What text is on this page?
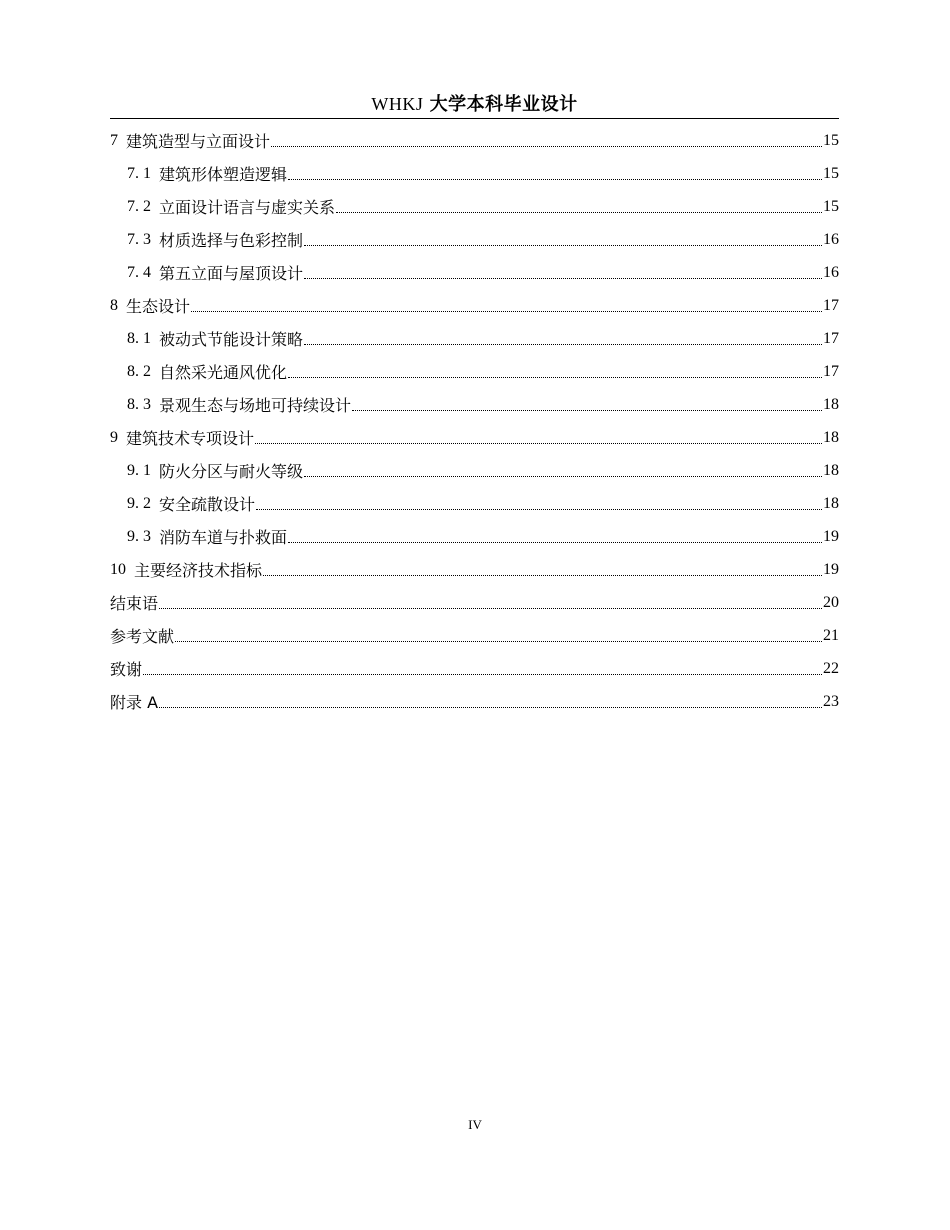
WHKJ 大学本科毕业设计
7 建筑造型与立面设计	15
7. 1 建筑形体塑造逻辑	15
7. 2 立面设计语言与虚实关系	15
7. 3 材质选择与色彩控制	16
7. 4 第五立面与屋顶设计	16
8 生态设计	17
8. 1 被动式节能设计策略	17
8. 2 自然采光通风优化	17
8. 3 景观生态与场地可持续设计	18
9 建筑技术专项设计	18
9. 1 防火分区与耐火等级	18
9. 2 安全疏散设计	18
9. 3 消防车道与扑救面	19
10 主要经济技术指标	19
结束语	20
参考文献	21
致谢	22
附录 A	23
IV
